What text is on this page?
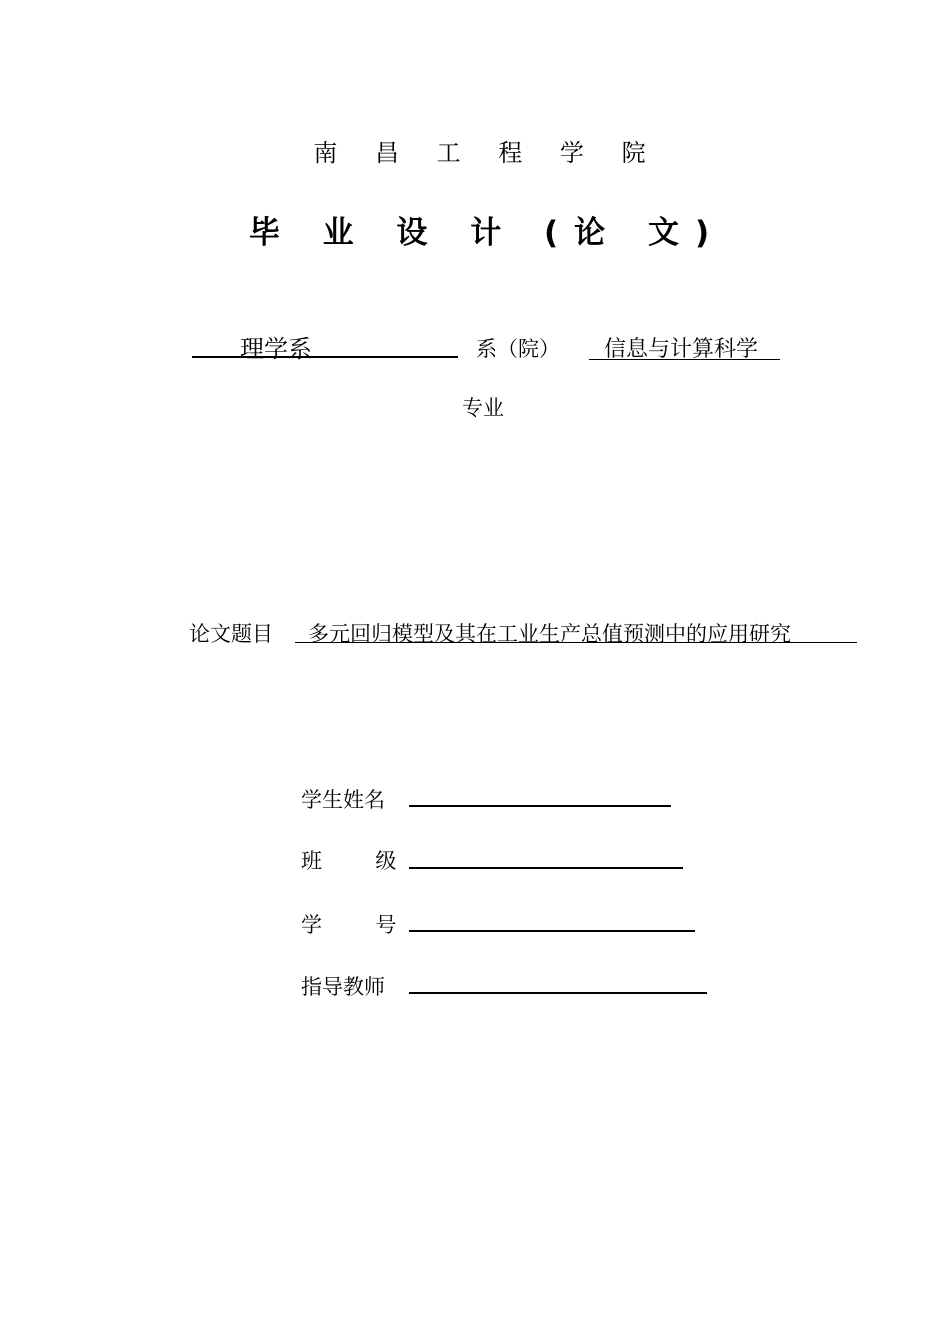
南 昌 工 程 学 院
毕 业 设 计 (论 文)
理学系	系（院） 信息与计算科学
专业
论文题目 多元回归模型及其在工业生产总值预测中的应用研究
学生姓名
班        级
学        号
指导教师
